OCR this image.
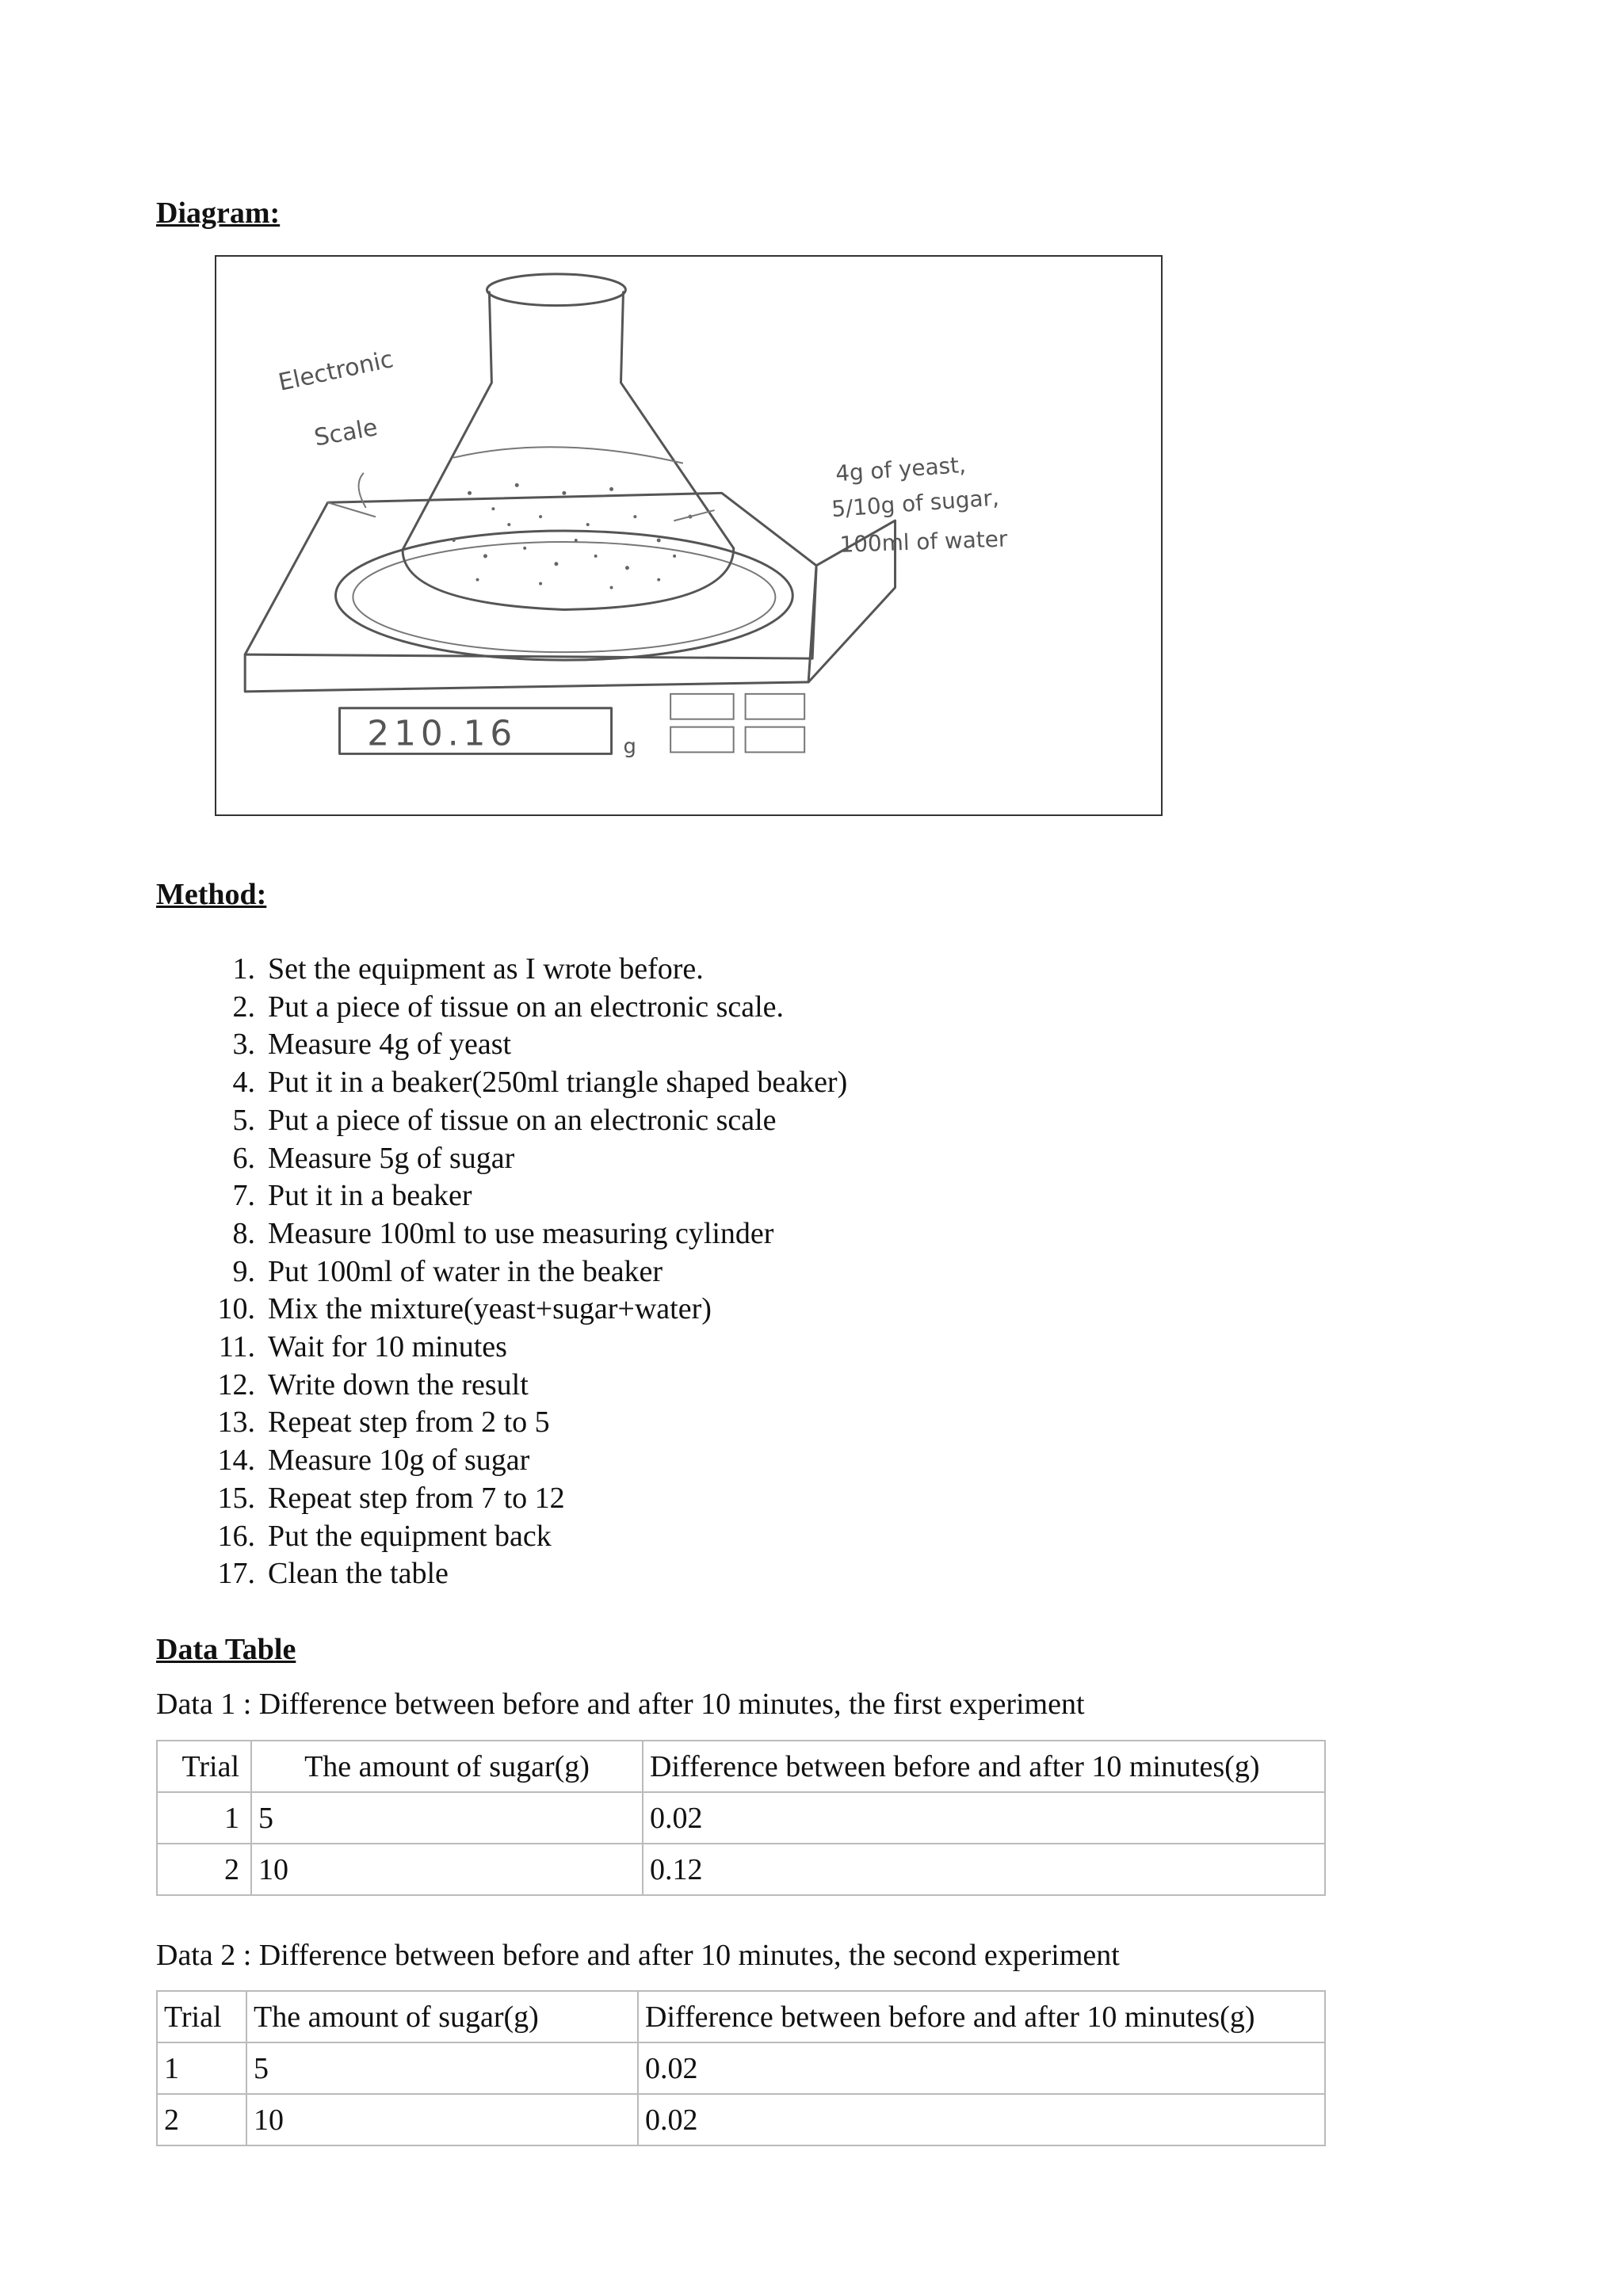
Diagram:
Electronic
Scale
4g of yeast,
5/10g of sugar,
100ml of water
210.16	g
Method:
1. Set the equipment as I wrote before.
2. Put a piece of tissue on an electronic scale.
3. Measure 4g of yeast
4. Put it in a beaker(250ml triangle shaped beaker)
5. Put a piece of tissue on an electronic scale
6. Measure 5g of sugar
7. Put it in a beaker
8. Measure 100ml to use measuring cylinder
9. Put 100ml of water in the beaker
10. Mix the mixture(yeast+sugar+water)
11. Wait for 10 minutes
12. Write down the result
13. Repeat step from 2 to 5
14. Measure 10g of sugar
15. Repeat step from 7 to 12
16. Put the equipment back
17. Clean the table
Data Table

Data 1 : Difference between before and after 10 minutes, the first experiment

Trial	The amount of sugar(g)	Difference between before and after 10 minutes(g)
1	5	0.02
2	10	0.12

Data 2 : Difference between before and after 10 minutes, the second experiment

Trial	The amount of sugar(g)	Difference between before and after 10 minutes(g)
1	5	0.02
2	10	0.02
